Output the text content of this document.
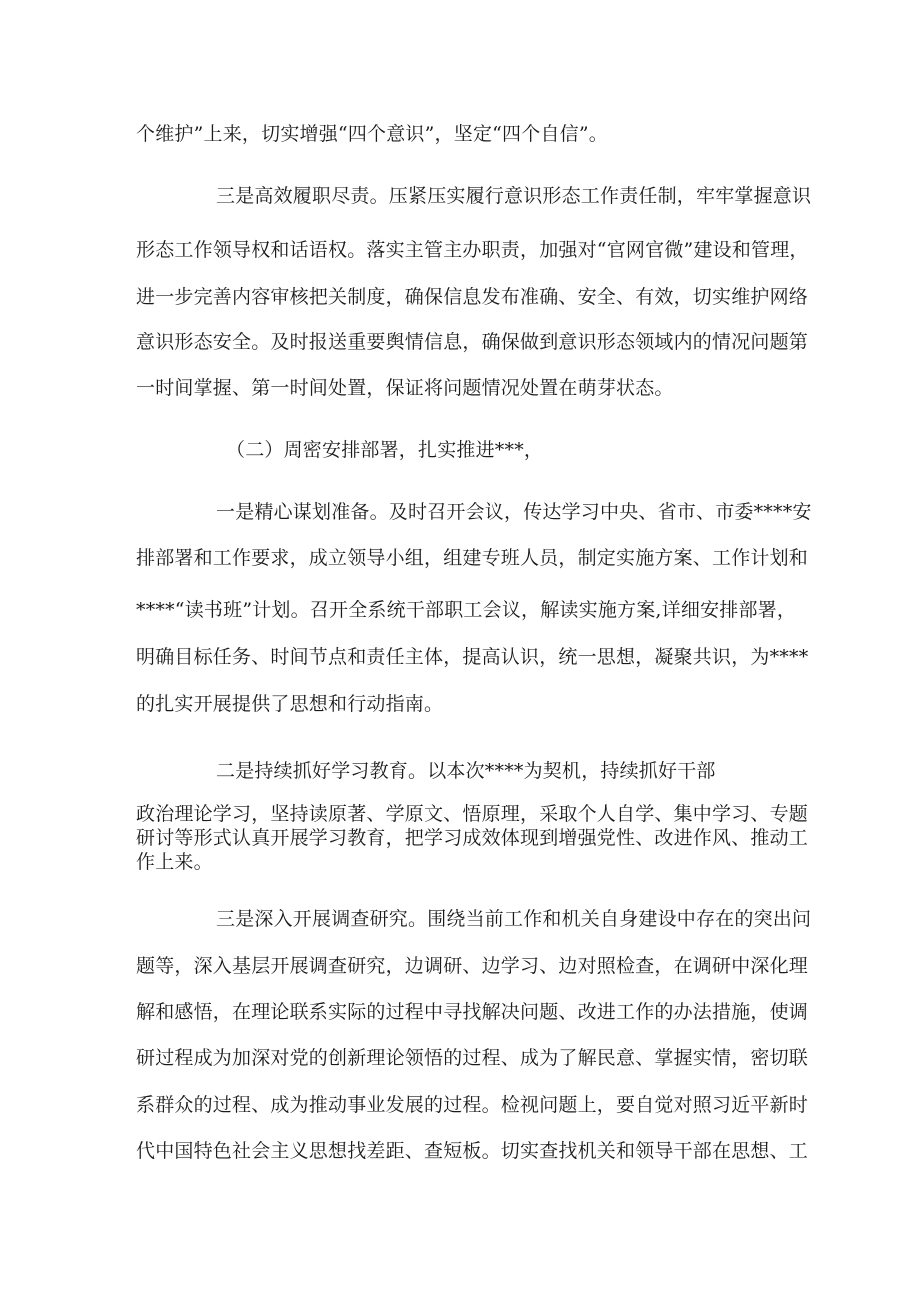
个维护”上来，切实增强“四个意识”，坚定“四个自信”。
三是高效履职尽责。压紧压实履行意识形态工作责任制，牢牢掌握意识
形态工作领导权和话语权。落实主管主办职责，加强对“官网官微”建设和管理，
进一步完善内容审核把关制度，确保信息发布准确、安全、有效，切实维护网络
意识形态安全。及时报送重要舆情信息，确保做到意识形态领域内的情况问题第
一时间掌握、第一时间处置，保证将问题情况处置在萌芽状态。
（二）周密安排部署，扎实推进***，
一是精心谋划准备。及时召开会议，传达学习中央、省市、市委****安
排部署和工作要求，成立领导小组，组建专班人员，制定实施方案、工作计划和
****“读书班”计划。召开全系统干部职工会议，解读实施方案,详细安排部署，
明确目标任务、时间节点和责任主体，提高认识，统一思想，凝聚共识，为****
的扎实开展提供了思想和行动指南。
二是持续抓好学习教育。以本次****为契机，持续抓好干部
政治理论学习，坚持读原著、学原文、悟原理，采取个人自学、集中学习、专题
研讨等形式认真开展学习教育，把学习成效体现到增强党性、改进作风、推动工
作上来。
三是深入开展调查研究。围绕当前工作和机关自身建设中存在的突出问
题等，深入基层开展调查研究，边调研、边学习、边对照检查，在调研中深化理
解和感悟，在理论联系实际的过程中寻找解决问题、改进工作的办法措施，使调
研过程成为加深对党的创新理论领悟的过程、成为了解民意、掌握实情，密切联
系群众的过程、成为推动事业发展的过程。检视问题上，要自觉对照习近平新时
代中国特色社会主义思想找差距、查短板。切实查找机关和领导干部在思想、工
